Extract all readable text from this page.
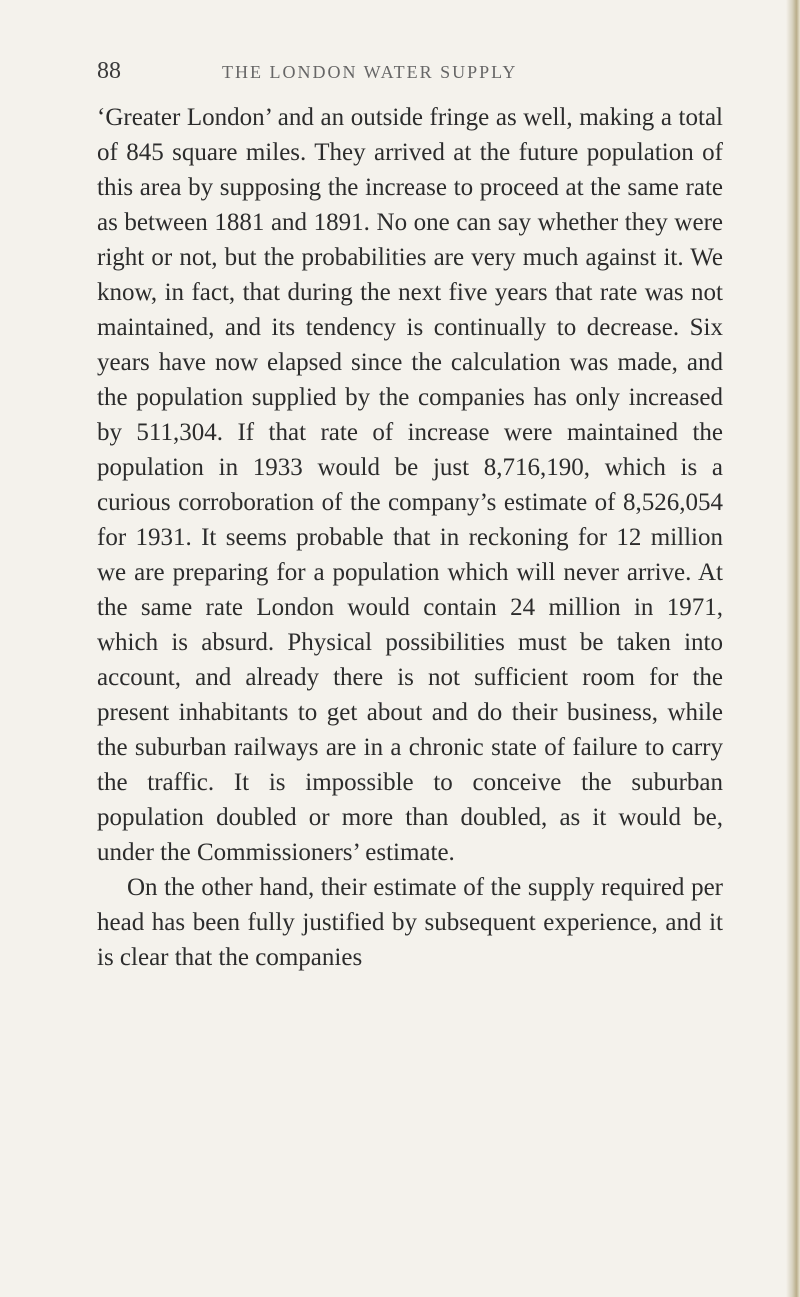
88	THE LONDON WATER SUPPLY

‘Greater London’ and an outside fringe as well, making a total of 845 square miles. They arrived at the future population of this area by supposing the increase to proceed at the same rate as between 1881 and 1891. No one can say whether they were right or not, but the probabilities are very much against it. We know, in fact, that during the next five years that rate was not maintained, and its tendency is continually to decrease. Six years have now elapsed since the calculation was made, and the population supplied by the companies has only increased by 511,304. If that rate of increase were maintained the population in 1933 would be just 8,716,190, which is a curious corroboration of the company’s estimate of 8,526,054 for 1931. It seems probable that in reckoning for 12 million we are preparing for a population which will never arrive. At the same rate London would contain 24 million in 1971, which is absurd. Physical possibilities must be taken into account, and already there is not sufficient room for the present inhabitants to get about and do their business, while the suburban railways are in a chronic state of failure to carry the traffic. It is impossible to conceive the suburban population doubled or more than doubled, as it would be, under the Commissioners’ estimate.

On the other hand, their estimate of the supply required per head has been fully justified by subsequent experience, and it is clear that the companies
